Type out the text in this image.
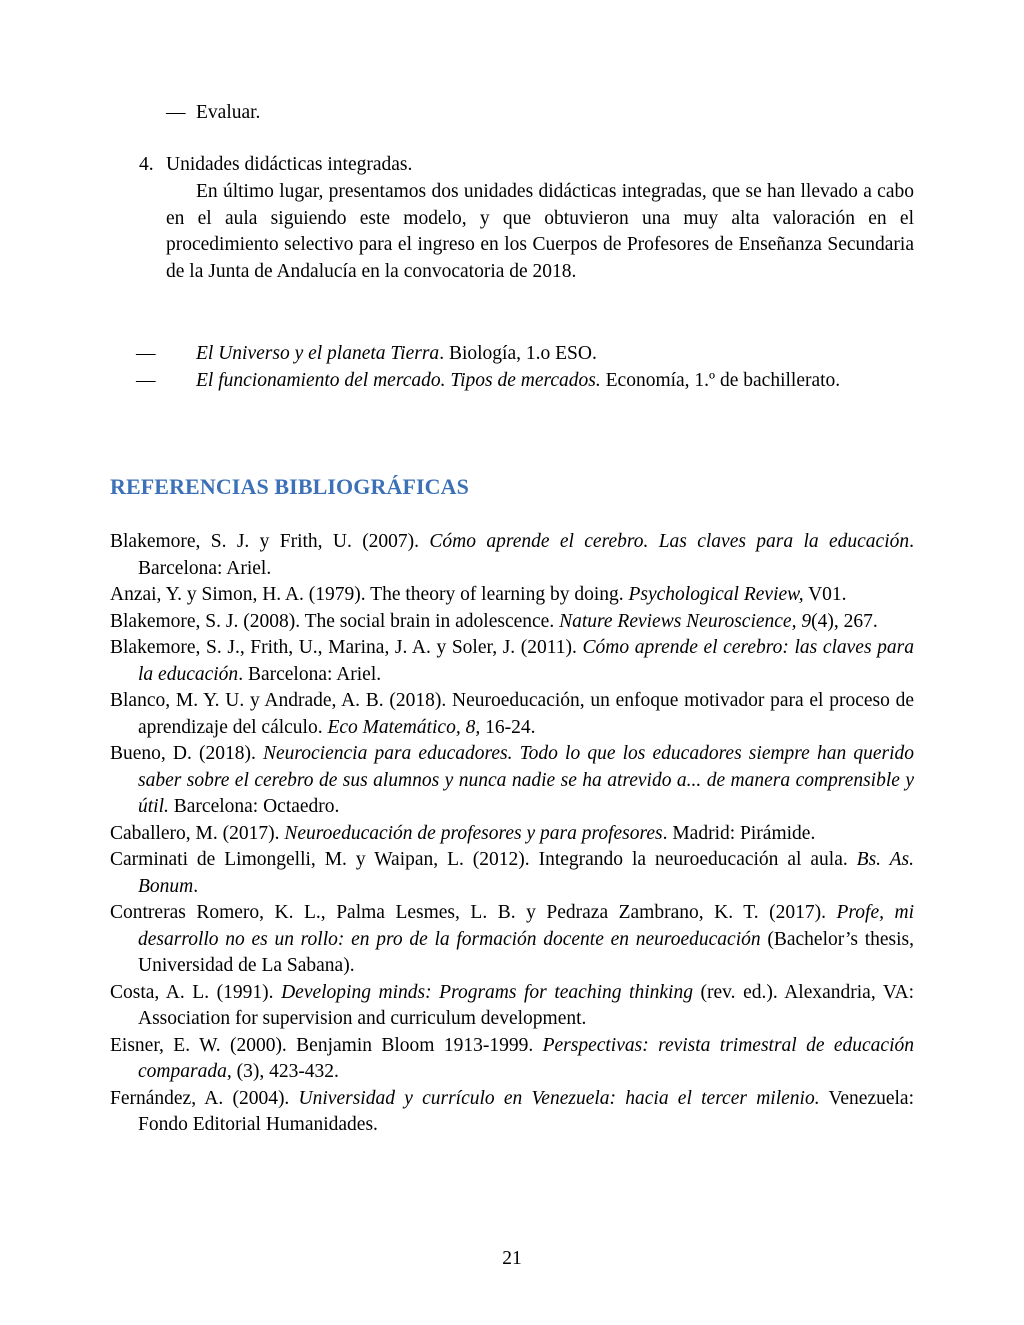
— Evaluar.
4. Unidades didácticas integradas.
En último lugar, presentamos dos unidades didácticas integradas, que se han llevado a cabo en el aula siguiendo este modelo, y que obtuvieron una muy alta valoración en el procedimiento selectivo para el ingreso en los Cuerpos de Profesores de Enseñanza Secundaria de la Junta de Andalucía en la convocatoria de 2018.
— El Universo y el planeta Tierra. Biología, 1.o ESO.
— El funcionamiento del mercado. Tipos de mercados. Economía, 1.º de bachillerato.
REFERENCIAS BIBLIOGRÁFICAS

Blakemore, S. J. y Frith, U. (2007). Cómo aprende el cerebro. Las claves para la educación. Barcelona: Ariel.

Anzai, Y. y Simon, H. A. (1979). The theory of learning by doing. Psychological Review, V01.

Blakemore, S. J. (2008). The social brain in adolescence. Nature Reviews Neuroscience, 9(4), 267.

Blakemore, S. J., Frith, U., Marina, J. A. y Soler, J. (2011). Cómo aprende el cerebro: las claves para la educación. Barcelona: Ariel.

Blanco, M. Y. U. y Andrade, A. B. (2018). Neuroeducación, un enfoque motivador para el proceso de aprendizaje del cálculo. Eco Matemático, 8, 16-24.

Bueno, D. (2018). Neurociencia para educadores. Todo lo que los educadores siempre han querido saber sobre el cerebro de sus alumnos y nunca nadie se ha atrevido a... de manera comprensible y útil. Barcelona: Octaedro.

Caballero, M. (2017). Neuroeducación de profesores y para profesores. Madrid: Pirámide.

Carminati de Limongelli, M. y Waipan, L. (2012). Integrando la neuroeducación al aula. Bs. As. Bonum.

Contreras Romero, K. L., Palma Lesmes, L. B. y Pedraza Zambrano, K. T. (2017). Profe, mi desarrollo no es un rollo: en pro de la formación docente en neuroeducación (Bachelor’s thesis, Universidad de La Sabana).

Costa, A. L. (1991). Developing minds: Programs for teaching thinking (rev. ed.). Alexandria, VA: Association for supervision and curriculum development.

Eisner, E. W. (2000). Benjamin Bloom 1913-1999. Perspectivas: revista trimestral de educación comparada, (3), 423-432.

Fernández, A. (2004). Universidad y currículo en Venezuela: hacia el tercer milenio. Venezuela: Fondo Editorial Humanidades.

21
